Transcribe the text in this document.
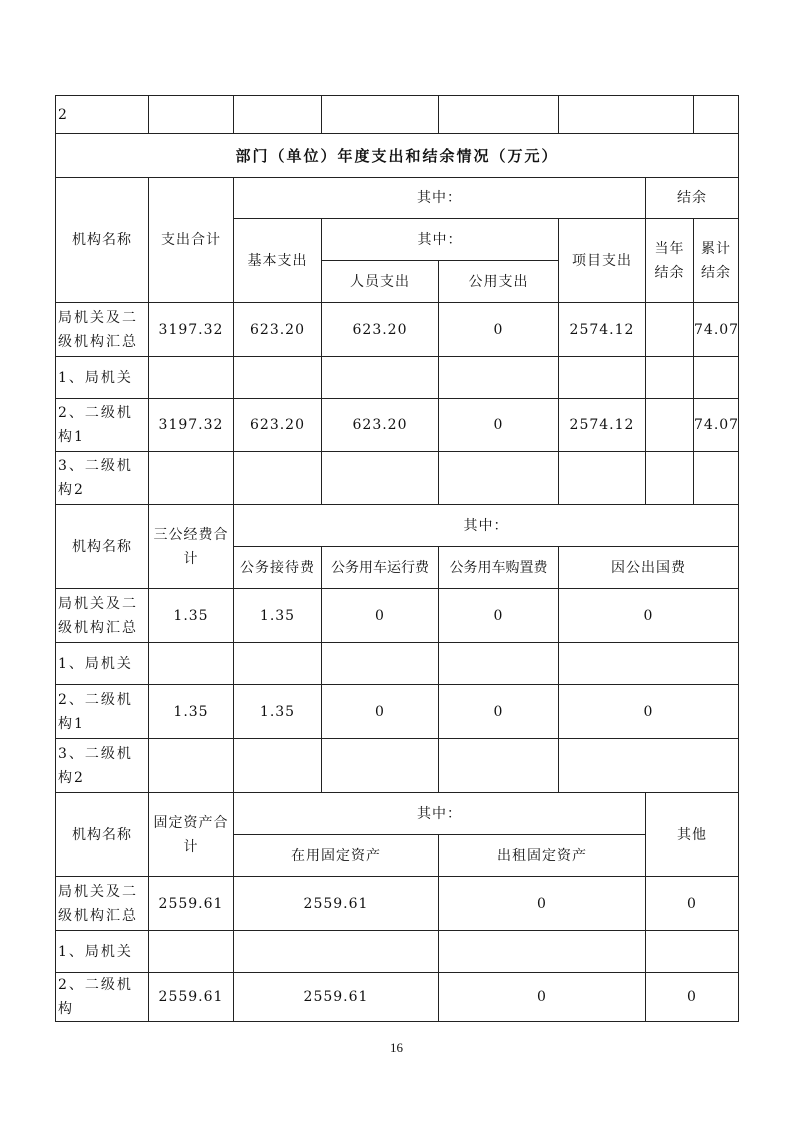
2							
部门（单位）年度支出和结余情况（万元）							
机构名称	支出合计	其中：				结余	
		基本支出	其中：		项目支出	当年结余	累计结余
			人员支出	公用支出			
局机关及二级机构汇总	3197.32	623.20	623.20	0	2574.12		74.07
1、局机关							
2、二级机构1	3197.32	623.20	623.20	0	2574.12		74.07
3、二级机构2							
机构名称	三公经费合计	其中：					
		公务接待费	公务用车运行费	公务用车购置费	因公出国费		
局机关及二级机构汇总	1.35	1.35	0	0	0		
1、局机关							
2、二级机构1	1.35	1.35	0	0	0		
3、二级机构2							
机构名称	固定资产合计	其中：				其他	
		在用固定资产		出租固定资产			
局机关及二级机构汇总	2559.61	2559.61		0		0	
1、局机关							
2、二级机构	2559.61	2559.61		0		0	
16
